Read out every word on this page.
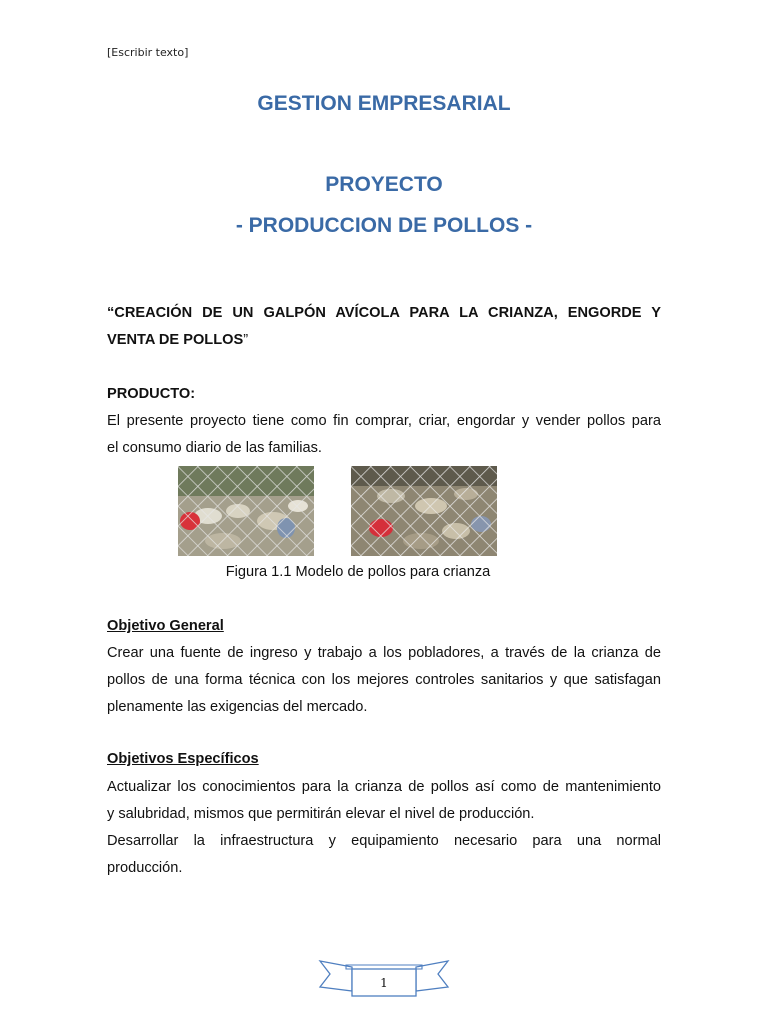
[Escribir texto]
GESTION EMPRESARIAL
PROYECTO
- PRODUCCION DE POLLOS -
“CREACIÓN DE UN GALPÓN AVÍCOLA PARA LA CRIANZA, ENGORDE Y
VENTA DE POLLOS”
PRODUCTO:
El presente proyecto tiene como fin comprar, criar, engordar y vender pollos para
el consumo diario de las familias.
Figura 1.1 Modelo de pollos para crianza
Objetivo General
Crear una fuente de ingreso y trabajo a los pobladores, a través de la crianza de
pollos de una forma técnica con los mejores controles sanitarios y que satisfagan
plenamente las exigencias del mercado.
Objetivos Específicos
Actualizar los conocimientos para la crianza de pollos así como de mantenimiento
y salubridad, mismos que permitirán elevar el nivel de producción.

Desarrollar la infraestructura y equipamiento necesario para una normal
producción.
1
